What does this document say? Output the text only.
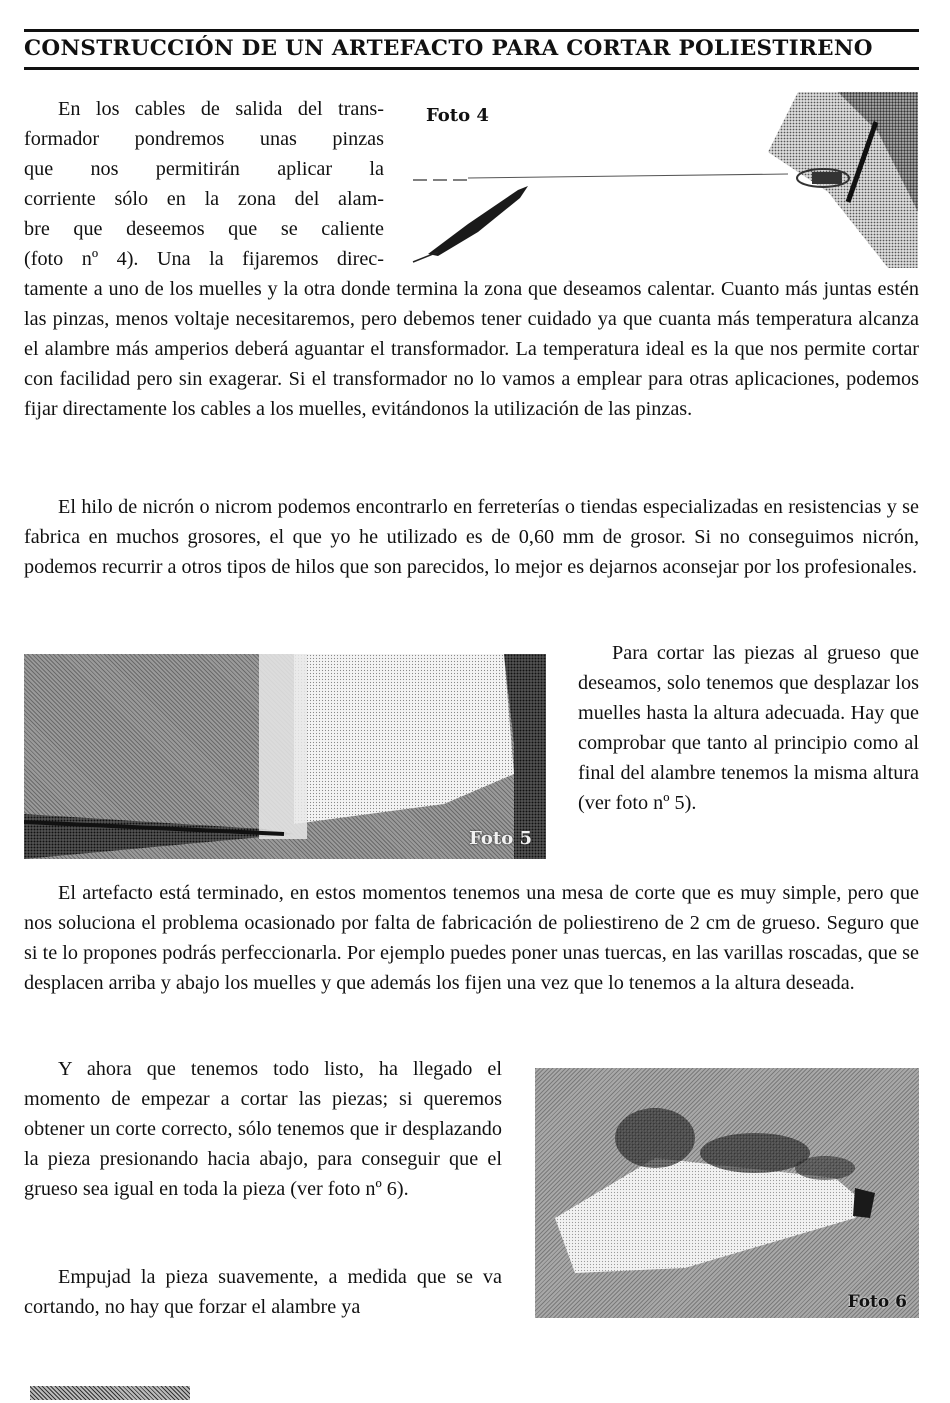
CONSTRUCCIÓN DE UN ARTEFACTO PARA CORTAR POLIESTIRENO
En los cables de salida del trans-
formador pondremos unas pinzas
que nos permitirán aplicar la
corriente sólo en la zona del alam-
bre que deseemos que se caliente
(foto nº 4). Una la fijaremos direc-
Foto 4
tamente a uno de los muelles y la otra donde termina la zona que deseamos calentar. Cuanto más juntas estén las pinzas, menos voltaje necesitaremos, pero debemos tener cuidado ya que cuanta más temperatura alcanza el alambre más amperios deberá aguantar el transformador. La temperatura ideal es la que nos permite cortar con facilidad pero sin exagerar. Si el transformador no lo vamos a emplear para otras aplicaciones, podemos fijar directamente los cables a los muelles, evitándonos la utilización de las pinzas.
El hilo de nicrón o nicrom podemos encontrarlo en ferreterías o tiendas especializadas en resistencias y se fabrica en muchos grosores, el que yo he utilizado es de 0,60 mm de grosor. Si no conseguimos nicrón, podemos recurrir a otros tipos de hilos que son parecidos, lo mejor es dejarnos aconsejar por los profesionales.
Foto 5
Para cortar las piezas al grueso que deseamos, solo tenemos que desplazar los muelles hasta la altura adecuada. Hay que comprobar que tanto al principio como al final del alambre tenemos la misma altura (ver foto nº 5).
El artefacto está terminado, en estos momentos tenemos una mesa de corte que es muy simple, pero que nos soluciona el problema ocasionado por falta de fabricación de poliestireno de 2 cm de grueso. Seguro que si te lo propones podrás perfeccionarla. Por ejemplo puedes poner unas tuercas, en las varillas roscadas, que se desplacen arriba y abajo los muelles y que además los fijen una vez que lo tenemos a la altura deseada.
Y ahora que tenemos todo listo, ha llegado el momento de empezar a cortar las piezas; si queremos obtener un corte correcto, sólo tenemos que ir desplazando la pieza presionando hacia abajo, para conseguir que el grueso sea igual en toda la pieza (ver foto nº 6).
Empujad la pieza suavemente, a medida que se va cortando, no hay que forzar el alambre ya	Foto 6
